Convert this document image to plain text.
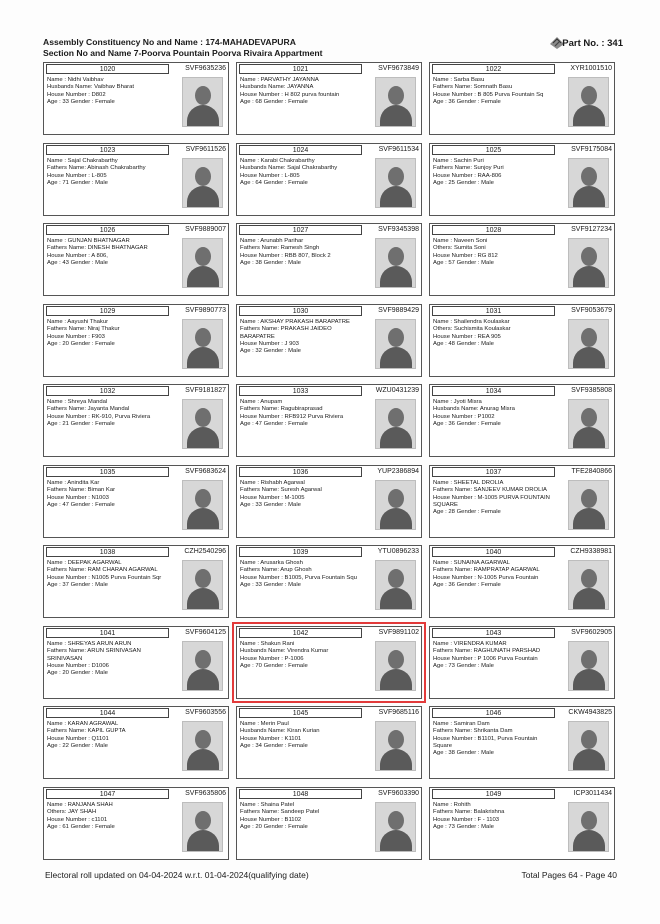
Assembly Constituency No and Name : 174-MAHADEVAPURA
Section No and Name 7-Poorva Pountain Poorva Rivaira Appartment
Part No. : 341
1020	SVF9635236
Name : Nidhi Vaibhav
Husbands Name: Vaibhav Bharat
House Number : D802
Age : 33 Gender : Female
1021	SVF9673849
Name : PARVATHY JAYANNA
Husbands Name: JAYANNA
House Number : H 802 purva fountain
Age : 68 Gender : Female
1022	XYR1001510
Name : Sarba Basu
Fathers Name: Somnath Basu
House Number : B 805 Purva Fountain Sq
Age : 36 Gender : Female
1023	SVF9611526
Name : Sajal Chakrabarthy
Fathers Name: Abinash Chakrabarthy
House Number : L-805
Age : 71 Gender : Male
1024	SVF9611534
Name : Karabi Chakrabarthy
Husbands Name: Sajal Chakrabarthy
House Number : L-805
Age : 64 Gender : Female
1025	SVF9175084
Name : Sachin Puri
Fathers Name: Sunjoy Puri
House Number : RAA-806
Age : 25 Gender : Male
1026	SVF9889007
Name : GUNJAN BHATNAGAR
Fathers Name: DINESH BHATNAGAR
House Number : A 806,
Age : 43 Gender : Male
1027	SVF9345398
Name : Arunabh Parihar
Fathers Name: Ramesh Singh
House Number : RBB 807, Block 2
Age : 38 Gender : Male
1028	SVF9127234
Name : Naveen Soni
Others: Sumita Soni
House Number : RG 812
Age : 57 Gender : Male
1029	SVF9890773
Name : Aayushi Thakur
Fathers Name: Niraj Thakur
House Number : F903
Age : 20 Gender : Female
1030	SVF9889429
Name : AKSHAY PRAKASH BARAPATRE
Fathers Name: PRAKASH JAIDEO
BARAPATRE
House Number : J 903
Age : 32 Gender : Male
1031	SVF9053679
Name : Shailendra Koulaskar
Others: Suchismita Koulaskar
House Number : REA 905
Age : 48 Gender : Male
1032	SVF9181827
Name : Shreya Mandal
Fathers Name: Jayanta Mandal
House Number : RK-910, Purva Riviera
Age : 21 Gender : Female
1033	WZU0431239
Name : Anupam
Fathers Name: Ragubiraprasad
House Number : RFB912 Purva Riviera
Age : 47 Gender : Female
1034	SVF9385808
Name : Jyoti Misra
Husbands Name: Anurag Misra
House Number : P1002
Age : 36 Gender : Female
1035	SVF9683624
Name : Anindita Kar
Fathers Name: Biman Kar
House Number : N1003
Age : 47 Gender : Female
1036	YUP2386894
Name : Rishabh Agarwal
Fathers Name: Suresh Agarwal
House Number : M-1005
Age : 33 Gender : Male
1037	TFE2840866
Name : SHEETAL DROLIA
Fathers Name: SANJEEV KUMAR DROLIA
House Number : M-1005 PURVA FOUNTAIN
SQUARE
Age : 28 Gender : Female
1038	CZH2540296
Name : DEEPAK AGARWAL
Fathers Name: RAM CHARAN AGARWAL
House Number : N1005 Purva Fountain Sqr
Age : 37 Gender : Male
1039	YTU0896233
Name : Arusarka Ghosh
Fathers Name: Arup Ghosh
House Number : B1005, Purva Fountain Squ
Age : 33 Gender : Male
1040	CZH9338981
Name : SUNAINA AGARWAL
Fathers Name: RAMPRATAP AGARWAL
House Number : N-1005 Purva Fountain
Age : 36 Gender : Female
1041	SVF9604125
Name : SHREYAS ARUN ARUN
Fathers Name: ARUN SRINIVASAN
SRINIVASAN
House Number : D1006
Age : 20 Gender : Male
1042	SVF9891102
Name : Shakun Rani
Husbands Name: Virendra Kumar
House Number : P-1006
Age : 70 Gender : Female
1043	SVF9602905
Name : VIRENDRA KUMAR
Fathers Name: RAGHUNATH PARSHAD
House Number : P 1006 Purva Fountain
Age : 73 Gender : Male
1044	SVF9603556
Name : KARAN AGRAWAL
Fathers Name: KAPIL GUPTA
House Number : Q1101
Age : 22 Gender : Male
1045	SVF9685116
Name : Merin Paul
Husbands Name: Kiran Kurian
House Number : K1101
Age : 34 Gender : Female
1046	CKW4943825
Name : Samiran Dam
Fathers Name: Shrikanta Dam
House Number : B1101, Purva Fountain
Square
Age : 38 Gender : Male
1047	SVF9635806
Name : RANJANA SHAH
Others: JAY SHAH
House Number : c1101
Age : 61 Gender : Female
1048	SVF9603390
Name : Shaina Patel
Fathers Name: Sandeep Patel
House Number : B1102
Age : 20 Gender : Female
1049	ICP3011434
Name : Rohith
Fathers Name: Balakrishna
House Number : F - 1103
Age : 73 Gender : Male
Electoral roll updated on 04-04-2024 w.r.t. 01-04-2024(qualifying date)	Total Pages 64 - Page 40
